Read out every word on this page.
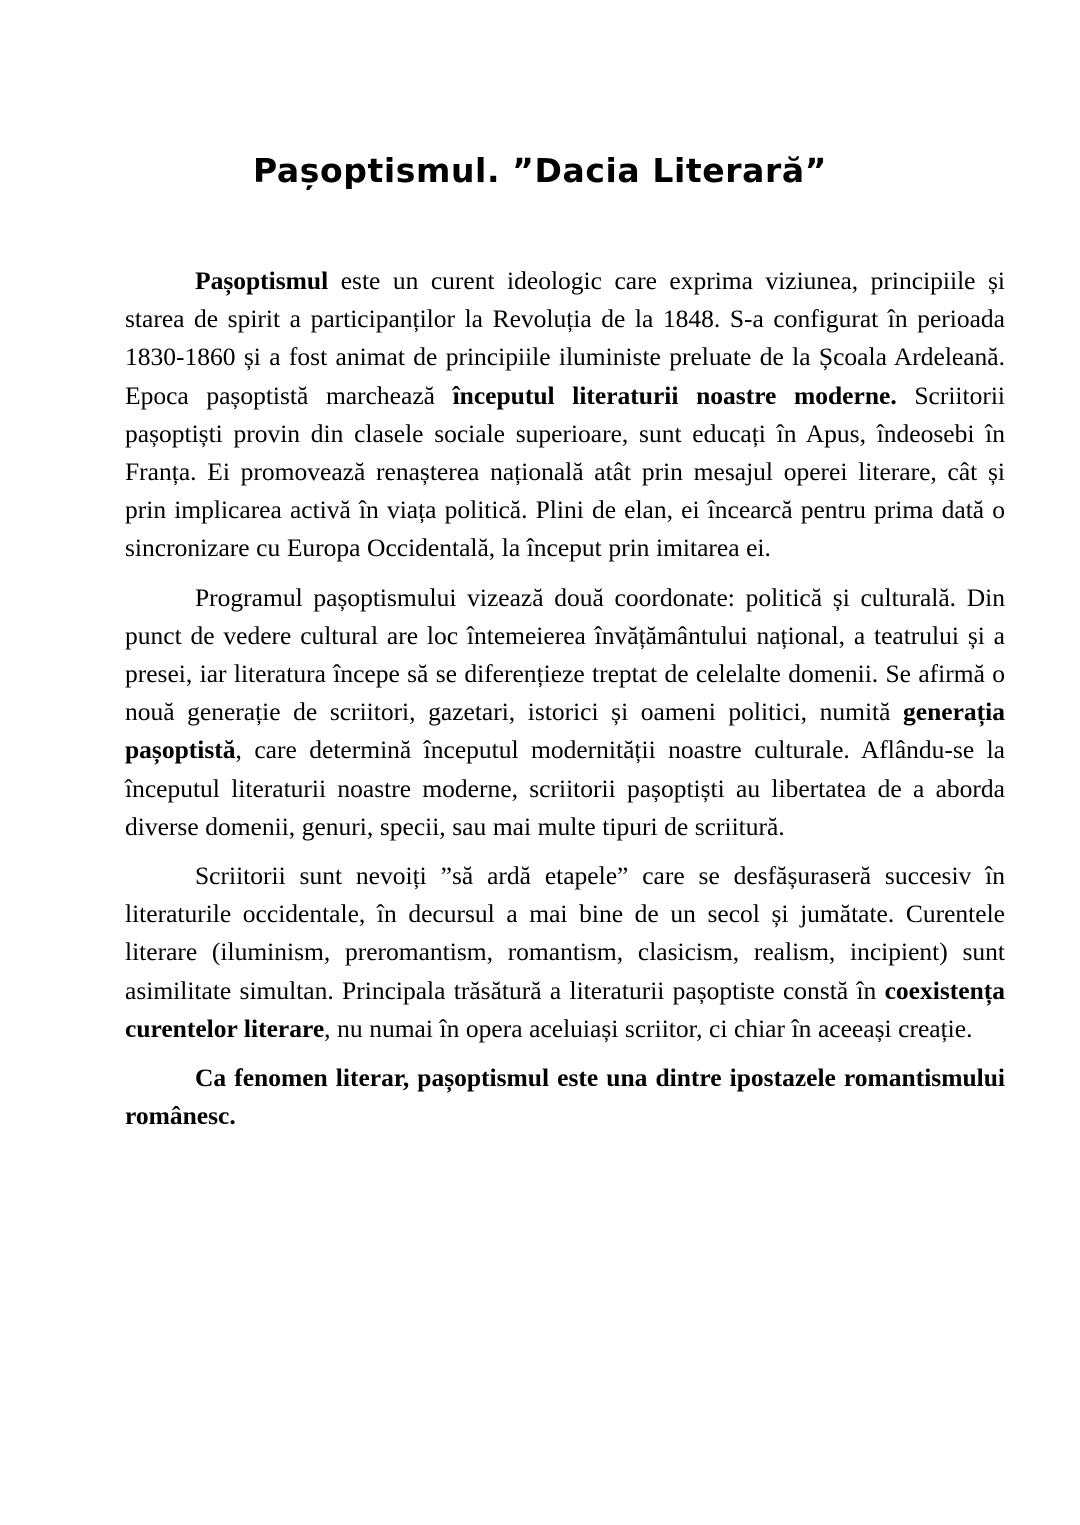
Pașoptismul. ”Dacia Literară”

Pașoptismul este un curent ideologic care exprima viziunea, principiile și starea de spirit a participanților la Revoluția de la 1848. S-a configurat în perioada 1830-1860 și a fost animat de principiile iluministe preluate de la Școala Ardeleană. Epoca pașoptistă marchează începutul literaturii noastre moderne. Scriitorii pașoptiști provin din clasele sociale superioare, sunt educați în Apus, îndeosebi în Franța. Ei promovează renașterea națională atât prin mesajul operei literare, cât și prin implicarea activă în viața politică. Plini de elan, ei încearcă pentru prima dată o sincronizare cu Europa Occidentală, la început prin imitarea ei.

Programul pașoptismului vizează două coordonate: politică și culturală. Din punct de vedere cultural are loc întemeierea învățământului național, a teatrului și a presei, iar literatura începe să se diferențieze treptat de celelalte domenii. Se afirmă o nouă generație de scriitori, gazetari, istorici și oameni politici, numită generația pașoptistă, care determină începutul modernității noastre culturale. Aflându-se la începutul literaturii noastre moderne, scriitorii pașoptiști au libertatea de a aborda diverse domenii, genuri, specii, sau mai multe tipuri de scriitură.

Scriitorii sunt nevoiți ”să ardă etapele” care se desfășuraseră succesiv în literaturile occidentale, în decursul a mai bine de un secol și jumătate. Curentele literare (iluminism, preromantism, romantism, clasicism, realism, incipient) sunt asimilitate simultan. Principala trăsătură a literaturii pașoptiste constă în coexistența curentelor literare, nu numai în opera aceluiași scriitor, ci chiar în aceeași creație.

Ca fenomen literar, pașoptismul este una dintre ipostazele romantismului românesc.
